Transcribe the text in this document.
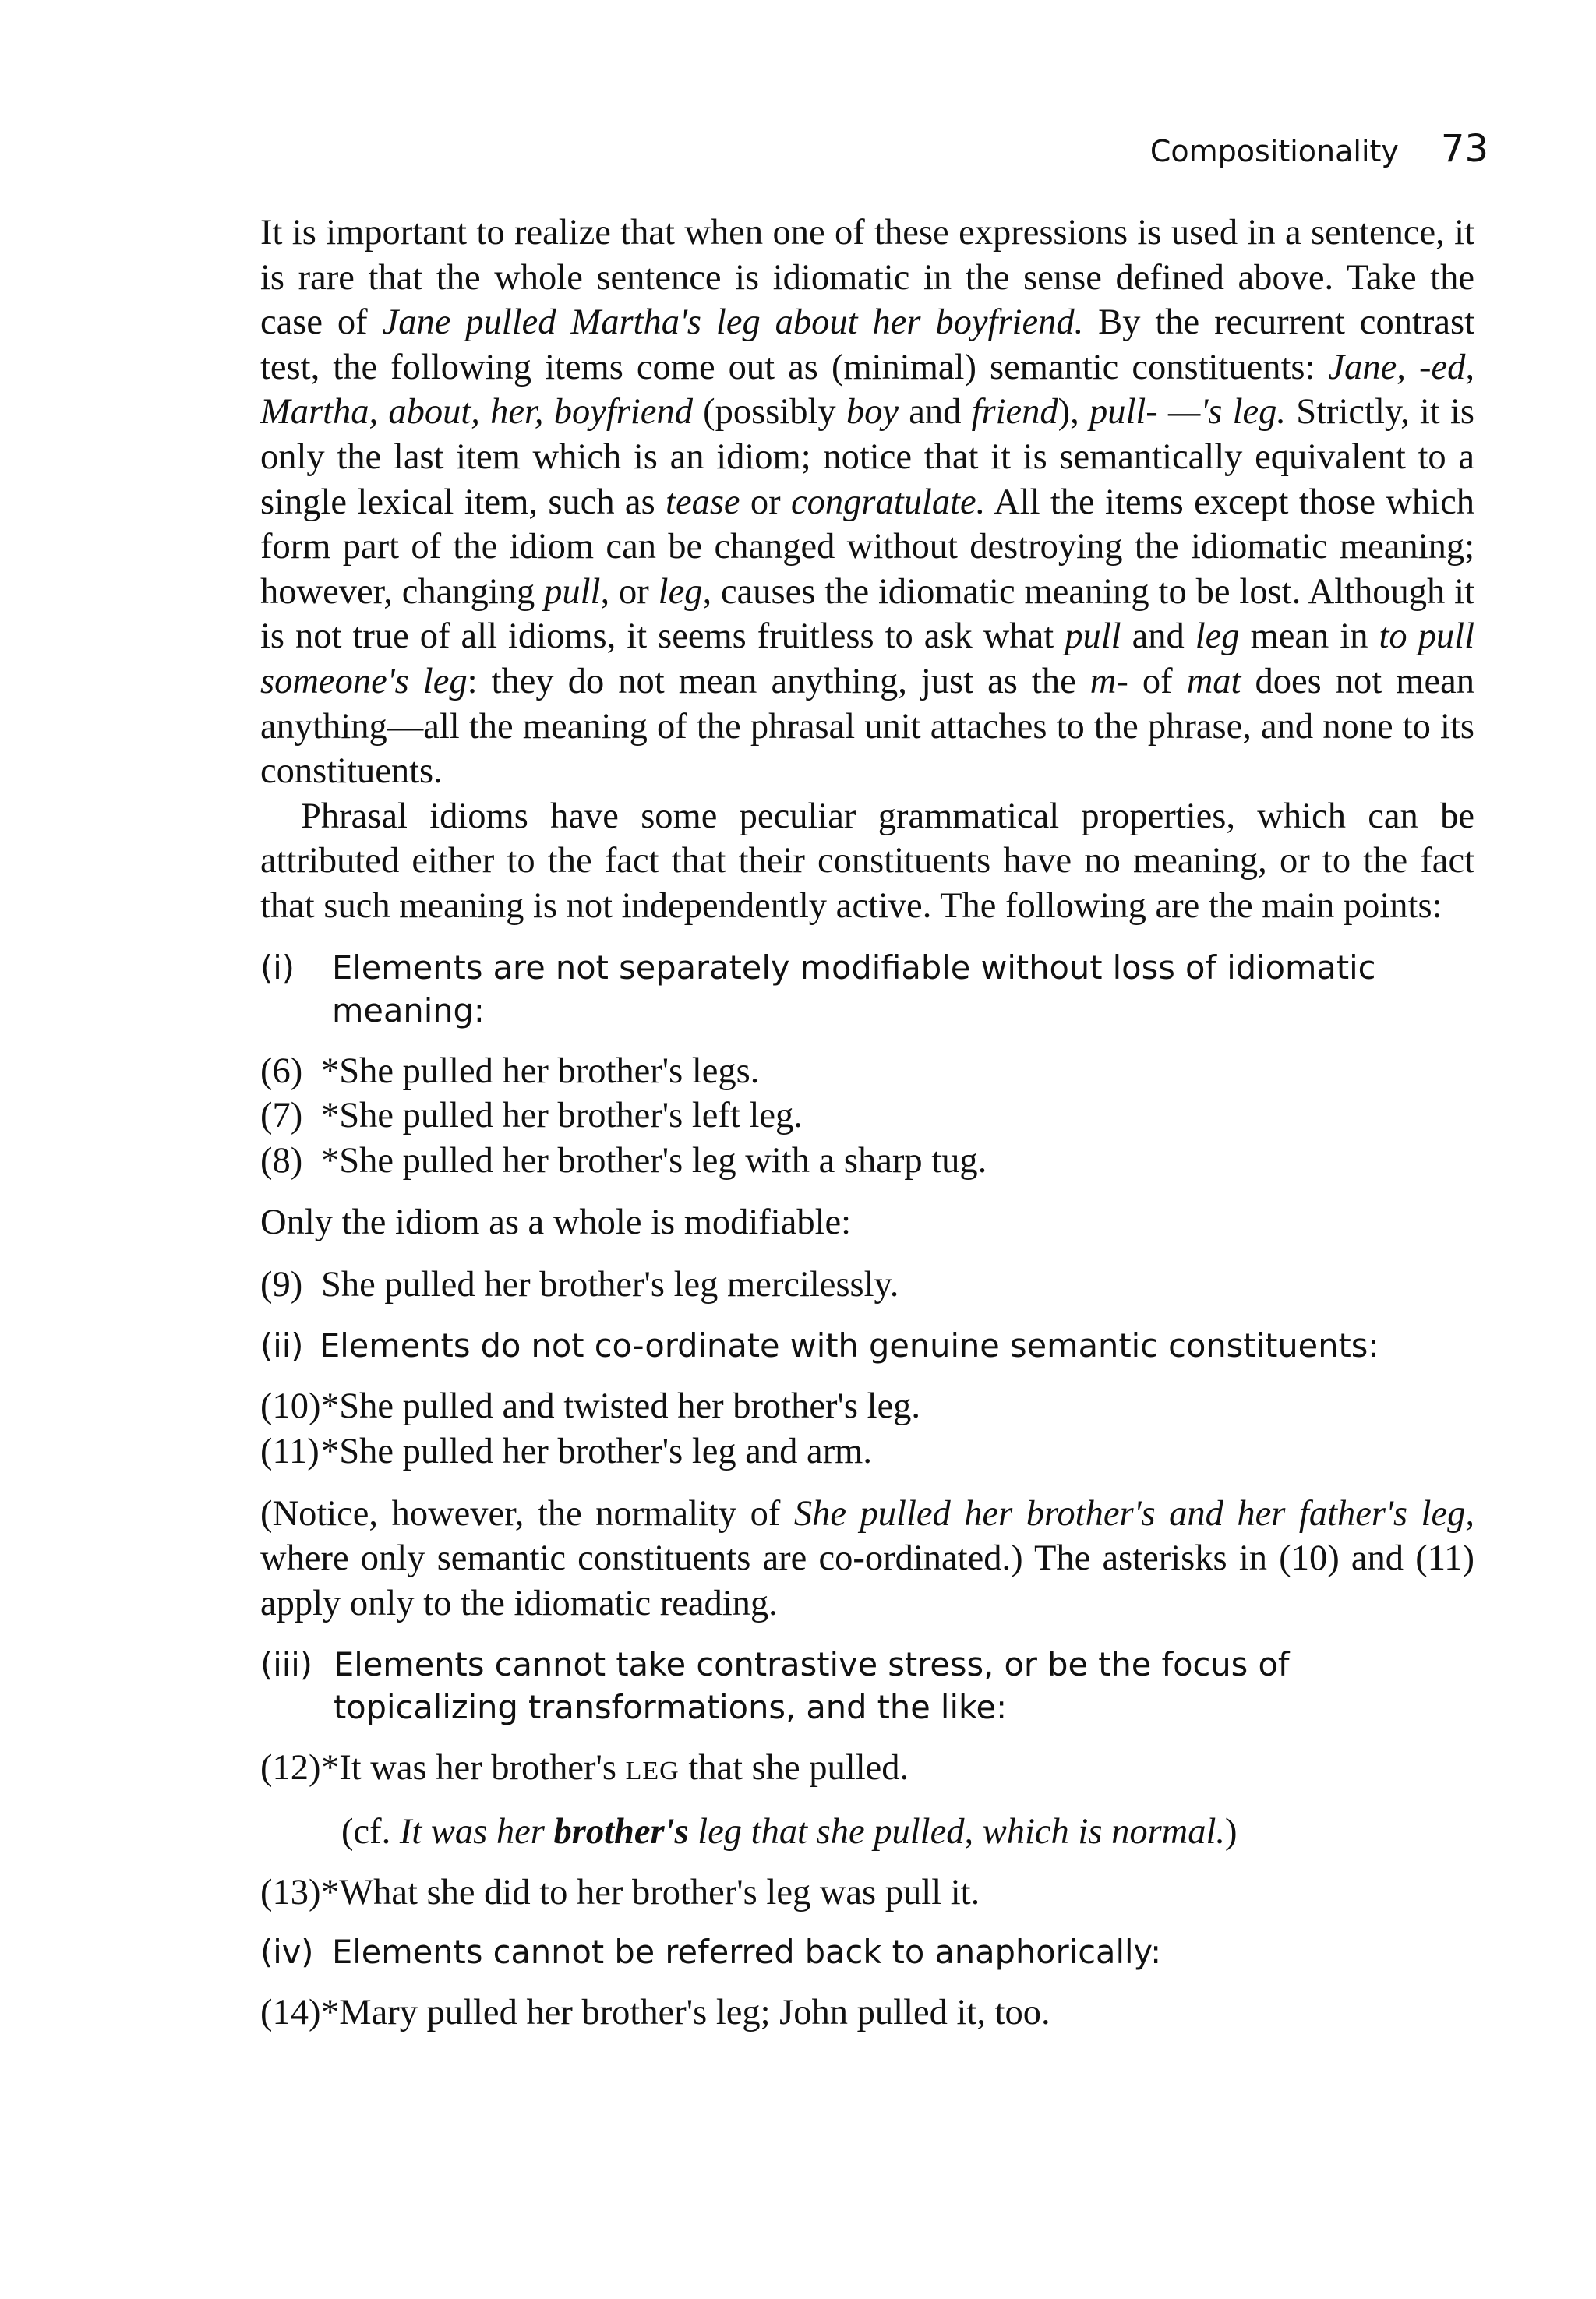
Compositionality 73

It is important to realize that when one of these expressions is used in a sentence, it is rare that the whole sentence is idiomatic in the sense defined above. Take the case of Jane pulled Martha's leg about her boyfriend. By the recurrent contrast test, the following items come out as (minimal) semantic constituents: Jane, -ed, Martha, about, her, boyfriend (possibly boy and friend), pull- —'s leg. Strictly, it is only the last item which is an idiom; notice that it is semantically equivalent to a single lexical item, such as tease or congratulate. All the items except those which form part of the idiom can be changed without destroying the idiomatic meaning; however, changing pull, or leg, causes the idiomatic meaning to be lost. Although it is not true of all idioms, it seems fruitless to ask what pull and leg mean in to pull someone's leg: they do not mean anything, just as the m- of mat does not mean anything—all the meaning of the phrasal unit attaches to the phrase, and none to its constituents.

Phrasal idioms have some peculiar grammatical properties, which can be attributed either to the fact that their constituents have no meaning, or to the fact that such meaning is not independently active. The following are the main points:

(i)	Elements are not separately modifiable without loss of idiomatic meaning:
(6) *She pulled her brother's legs.
(7) *She pulled her brother's left leg.
(8) *She pulled her brother's leg with a sharp tug.

Only the idiom as a whole is modifiable:

(9) She pulled her brother's leg mercilessly.
(ii) Elements do not co-ordinate with genuine semantic constituents:
(10) *She pulled and twisted her brother's leg.
(11) *She pulled her brother's leg and arm.

(Notice, however, the normality of She pulled her brother's and her father's leg, where only semantic constituents are co-ordinated.) The asterisks in (10) and (11) apply only to the idiomatic reading.

(iii) Elements cannot take contrastive stress, or be the focus of topicalizing transformations, and the like:
(12) *It was her brother's LEG that she pulled.

(cf. It was her brother's leg that she pulled, which is normal.)

(13) *What she did to her brother's leg was pull it.
(iv) Elements cannot be referred back to anaphorically:
(14) *Mary pulled her brother's leg; John pulled it, too.
